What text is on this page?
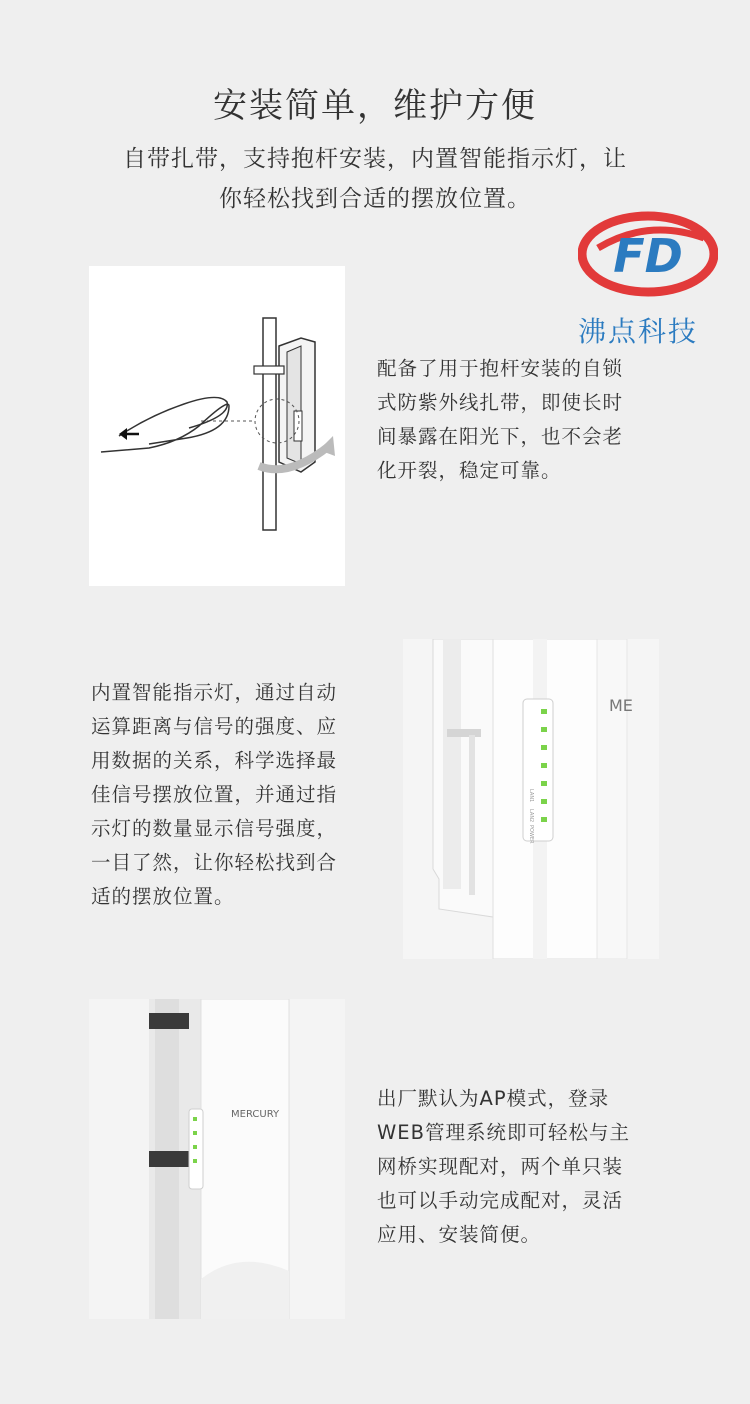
安装简单，维护方便
自带扎带，支持抱杆安装，内置智能指示灯，让
你轻松找到合适的摆放位置。
FD
沸点科技
配备了用于抱杆安装的自锁
式防紫外线扎带，即使长时
间暴露在阳光下，也不会老
化开裂，稳定可靠。
ME
LAN1
LAN2
POWER
内置智能指示灯，通过自动
运算距离与信号的强度、应
用数据的关系，科学选择最
佳信号摆放位置，并通过指
示灯的数量显示信号强度，
一目了然，让你轻松找到合
适的摆放位置。
MERCURY
出厂默认为AP模式，登录
WEB管理系统即可轻松与主
网桥实现配对，两个单只装
也可以手动完成配对，灵活
应用、安装简便。
